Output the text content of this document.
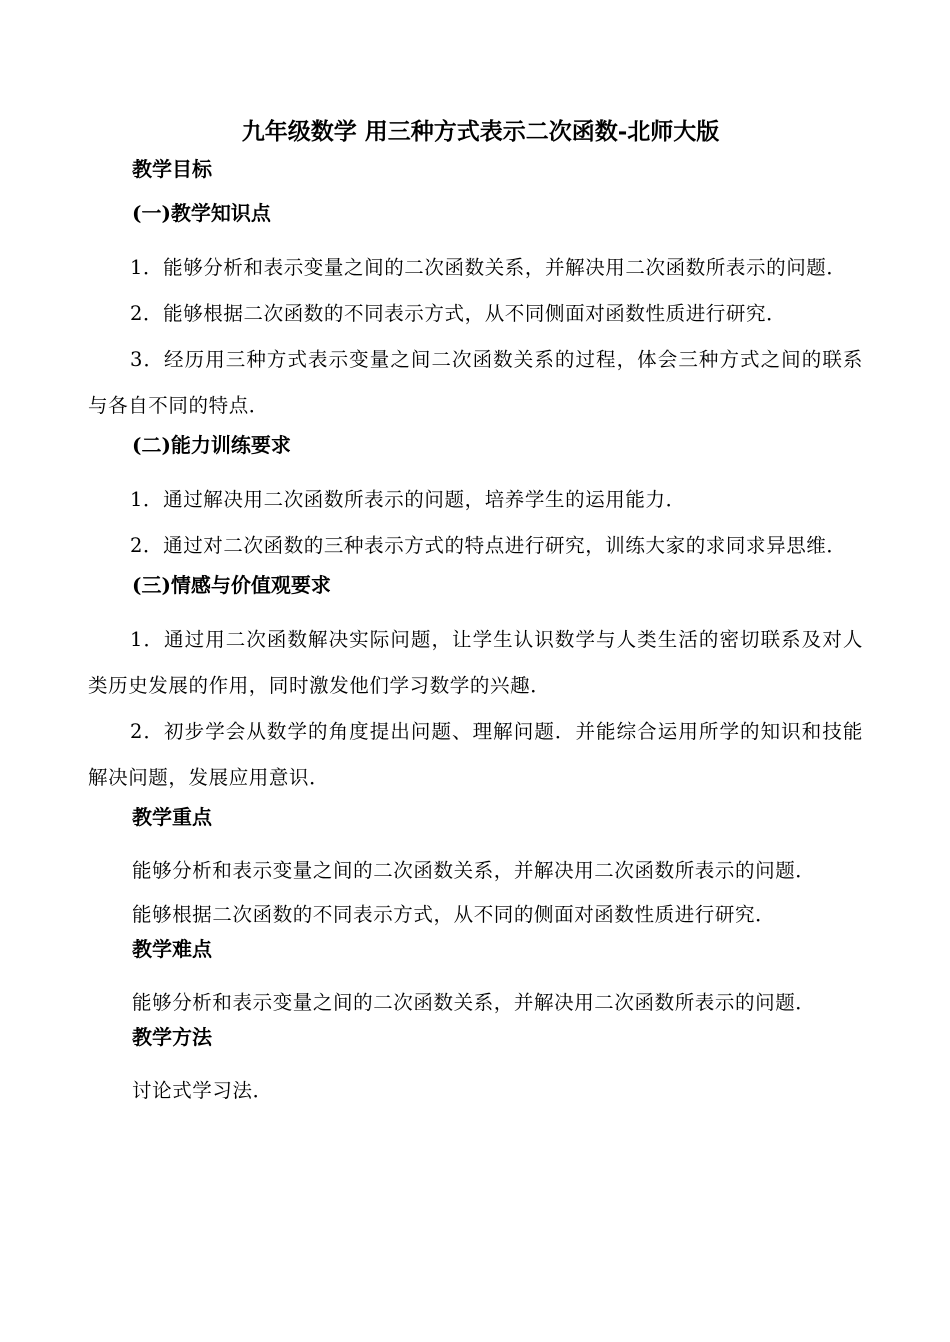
九年级数学 用三种方式表示二次函数-北师大版
教学目标
(一)教学知识点

1．能够分析和表示变量之间的二次函数关系，并解决用二次函数所表示的问题．

2．能够根据二次函数的不同表示方式，从不同侧面对函数性质进行研究．

3．经历用三种方式表示变量之间二次函数关系的过程，体会三种方式之间的联系与各自不同的特点．

(二)能力训练要求

1．通过解决用二次函数所表示的问题，培养学生的运用能力．

2．通过对二次函数的三种表示方式的特点进行研究，训练大家的求同求异思维．

(三)情感与价值观要求

1．通过用二次函数解决实际问题，让学生认识数学与人类生活的密切联系及对人类历史发展的作用，同时激发他们学习数学的兴趣．

2．初步学会从数学的角度提出问题、理解问题．并能综合运用所学的知识和技能解决问题，发展应用意识．

教学重点
能够分析和表示变量之间的二次函数关系，并解决用二次函数所表示的问题．
能够根据二次函数的不同表示方式，从不同的侧面对函数性质进行研究．
教学难点
能够分析和表示变量之间的二次函数关系，并解决用二次函数所表示的问题．
教学方法
讨论式学习法．
